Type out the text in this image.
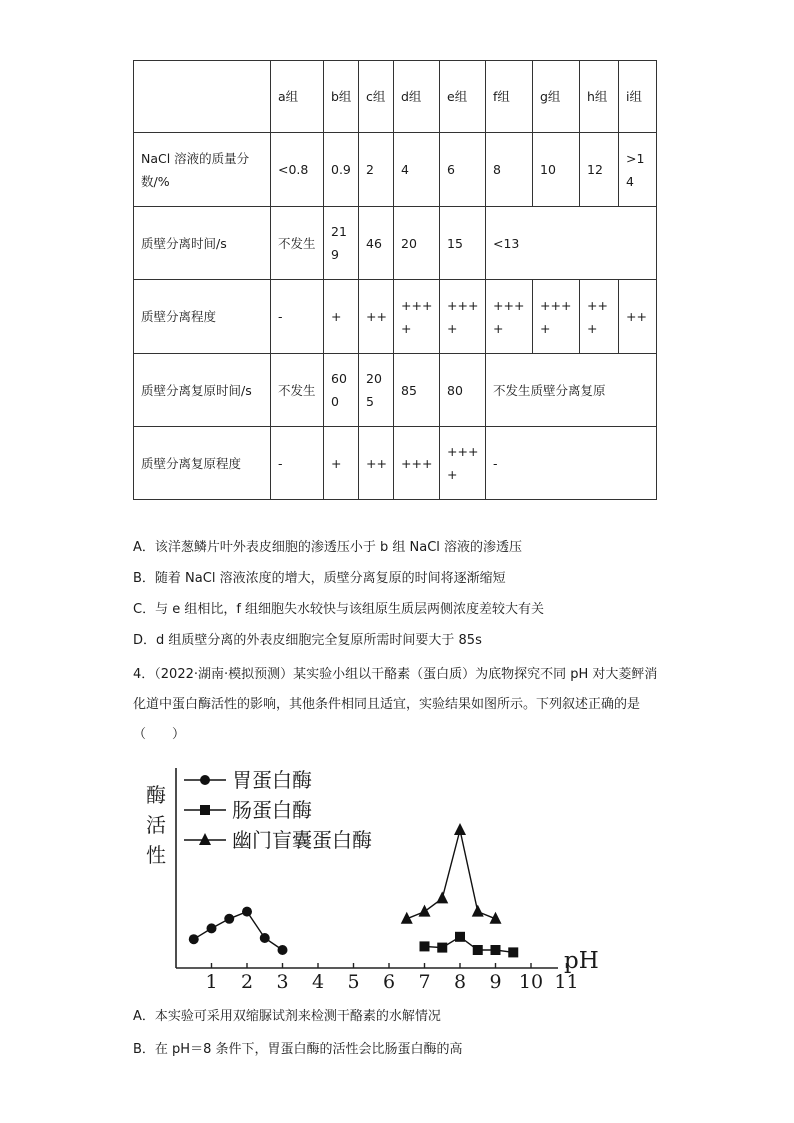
	a组	b组	c组	d组	e组	f组	g组	h组	i组
NaCl 溶液的质量分数/%	<0.8	0.9	2	4	6	8	10	12	>14
质壁分离时间/s	不发生	219	46	20	15	<13			
质壁分离程度	-	+	++	++++	++++	++++	++++	+++	++
质壁分离复原时间/s	不发生	600	205	85	80	不发生质壁分离复原			
质壁分离复原程度	-	+	++	+++	++++	-			
A．该洋葱鳞片叶外表皮细胞的渗透压小于 b 组 NaCl 溶液的渗透压
B．随着 NaCl 溶液浓度的增大，质壁分离复原的时间将逐渐缩短
C．与 e 组相比，f 组细胞失水较快与该组原生质层两侧浓度差较大有关
D．d 组质壁分离的外表皮细胞完全复原所需时间要大于 85s
4．（2022·湖南·模拟预测）某实验小组以干酪素（蛋白质）为底物探究不同 pH 对大菱鲆消化道中蛋白酶活性的影响，其他条件相同且适宜，实验结果如图所示。下列叙述正确的是（　　）
酶
活
性
pH
1 2 3 4 5 6 7 8 9 10 11
胃蛋白酶
肠蛋白酶
幽门盲囊蛋白酶
A．本实验可采用双缩脲试剂来检测干酪素的水解情况
B．在 pH＝8 条件下，胃蛋白酶的活性会比肠蛋白酶的高
